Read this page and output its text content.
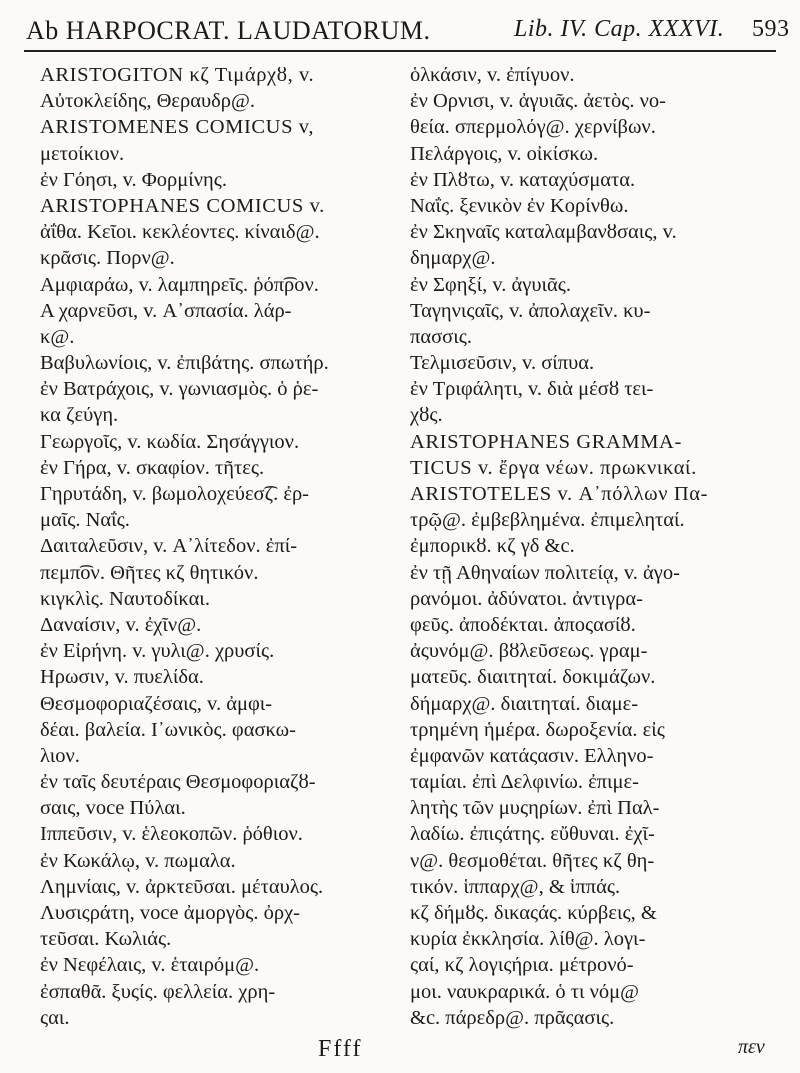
Ab HARPOCRAT. LAUDATORUM.	Lib. IV. Cap. XXXVI. 593
ARISTOGITON κζ Τιμάρχȣ, v.
Αὐτοκλείδης, Θεραυδρ@.
ARISTOMENES COMICUS v,
μετοίκιον.
ἐν Γόησι, v. Φορμίνης.
ARISTOPHANES COMICUS v.
ἀΐθα. Κεῖοι. κεκλέοντες. κίναιδ@.
κρᾶσις. Πορν@.
Αμφιαράω, v. λαμπηρεῖς. ῥόπ͡ρον.
Α χαρνεῦσι, v. Α᾽σπασία. λάρ-
κ@.
Βαβυλωνίοις, v. ἐπιβάτης. σπωτήρ.
ἐν Βατράχοις, v. γωνιασμὸς. ὁ ῥε-
κα ζεύγη.
Γεωργοῖς, v. κωδία. Σησάγγιον.
ἐν Γήρα, v. σκαφίον. τῆτες.
Γηρυτάδη, v. βωμολοχεύεσ͡ζ. ἐρ-
μαῖς. Ναΐς.
Δαιταλεῦσιν, v. Α᾽λίτεδον. ἐπί-
πεμπ͡ον. Θῆτες κζ θητικόν.
κιγκλὶς. Ναυτοδίκαι.
Δαναίσιν, v. ἐχῖν@.
ἐν Εἰρήνη. v. γυλι@. χρυσίς.
Ηρωσιν, v. πυελίδα.
Θεσμοφοριαζέσαις, v. ἀμφι-
δέαι. βαλεία. Ι᾽ωνικὸς. φασκω-
λιον.
ἐν ταῖς δευτέραις Θεσμοφοριαζȣ-
σαις, voce Πύλαι.
Ιππεῦσιν, v. ἑλεοκοπῶν. ῥόθιον.
ἐν Κωκάλῳ, v. πωμαλα.
Λημνίαις, v. ἀρκτεῦσαι. μέταυλος.
Λυσιςράτη, voce ἀμοργὸς. ὀρχ-
τεῦσαι. Κωλιάς.
ἐν Νεφέλαις, v. ἑταιρόμ@.
ἐσπαθᾶ. ξυςίς. φελλεία. χρη-
ςαι.
ὁλκάσιν, v. ἐπίγυον.
ἐν Ορνισι, v. ἀγυιᾶς. ἀετὸς. νο-
θεία. σπερμολόγ@. χερνίβων.
Πελάργοις, v. οἰκίσκω.
ἐν Πλȣτω, v. καταχύσματα.
Ναΐς. ξενικὸν ἐν Κορίνθω.
ἐν Σκηναῖς καταλαμβανȣσαις, v.
δημαρχ@.
ἐν Σφηξί, v. ἀγυιᾶς.
Ταγηνιςαῖς, v. ἀπολαχεῖν. κυ-
πασσις.
Τελμισεῦσιν, v. σίπυα.
ἐν Τριφάλητι, v. διὰ μέσȣ τει-
χȣς.
ARISTOPHANES GRAMMA-
TICUS v. ἔργα νέων. πρωκνικαί.
ARISTOTELES v. Α᾽πόλλων Πα-
τρῷ@. ἐμβεβλημένα. ἐπιμεληταί.
ἐμπορικȣ. κζ γδ &c.
ἐν τῇ Αθηναίων πολιτείᾳ, v. ἀγο-
ρανόμοι. ἀδύνατοι. ἀντιγρα-
φεῦς. ἀποδέκται. ἀποςασίȣ.
ἀςυνόμ@. βȣλεῦσεως. γραμ-
ματεῦς. διαιτηταί. δοκιμάζων.
δήμαρχ@. διαιτηταί. διαμε-
τρημένη ἡμέρα. δωροξενία. εἰς
ἐμφανῶν κατάςασιν. Ελληνο-
ταμίαι. ἐπὶ Δελφινίω. ἐπιμε-
λητὴς τῶν μυςηρίων. ἐπὶ Παλ-
λαδίω. ἐπιςάτης. εὔθυναι. ἐχῖ-
ν@. θεσμοθέται. θῆτες κζ θη-
τικόν. ἱππαρχ@, & ἱππάς.
κζ δήμȣς. δικαςάς. κύρβεις, &
κυρία ἐκκλησία. λίθ@. λογι-
ςαί, κζ λογιςήρια. μέτρονό-
μοι. ναυκραρικά. ὁ τι νόμ@
&c. πάρεδρ@. πρᾶςασις.
Ffff	πεν
